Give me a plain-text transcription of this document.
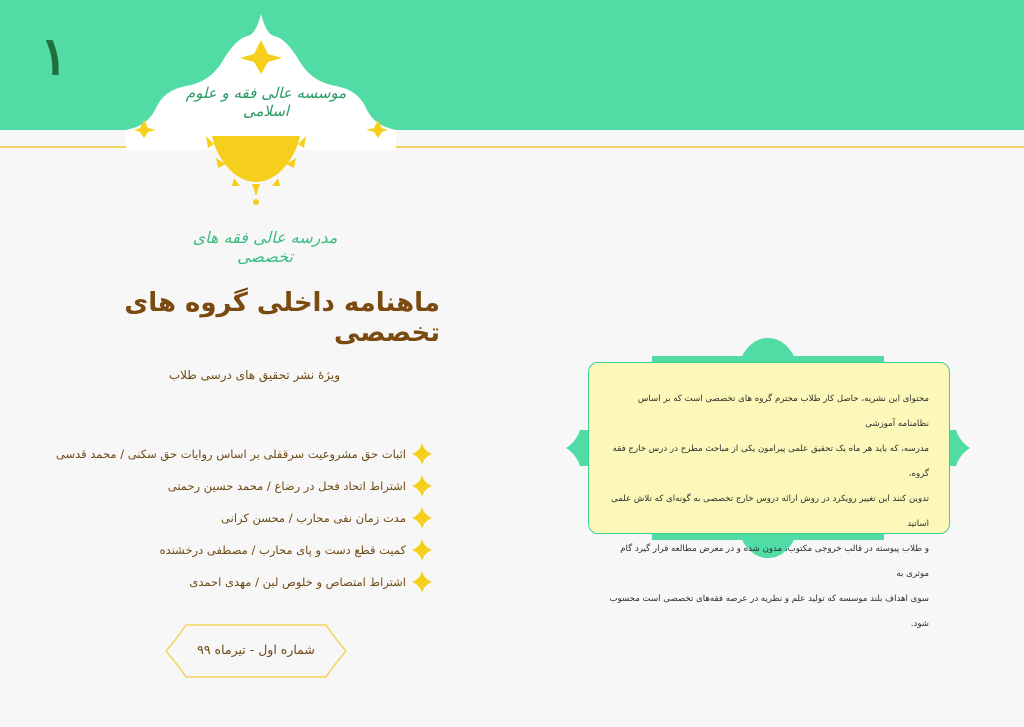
۱
موسسه عالی فقه و علوم اسلامی
مدرسه عالی فقه های تخصصی
ماهنامه داخلی گروه های تخصصی
ویژهٔ نشر تحقیق های درسی طلاب
اثبات حق مشروعیت سرقفلی بر اساس روایات حق سکنی / محمد قدسی
اشتراط اتحاد فحل در رضاع / محمد حسین رحمتی
مدت زمان نفی محارب / محسن کرانی
کمیت قطع دست و پای محارب / مصطفی درخشنده
اشتراط امتصاص و خلوص لبن / مهدی احمدی
شماره اول - تیرماه ۹۹

محتوای این نشریه، حاصل کار طلاب محترم گروه های تخصصی است که بر اساس نظامنامه آموزشی

مدرسه، که باید هر ماه یک تحقیق علمی پیرامون یکی از مباحث مطرح در درس خارج فقه گروه،

تدوین کنند این تغییر رویکرد در روش ارائه دروس خارج تخصصی به گونه‌ای که تلاش علمی اساتید

و طلاب پیوسته در قالب خروجی مکتوب، مدون شده و در معرض مطالعه قرار گیرد گام موثری به

سوی اهداف بلند موسسه که تولید علم و نظریه در عرصه فقه‌های تخصصی است محسوب شود.
